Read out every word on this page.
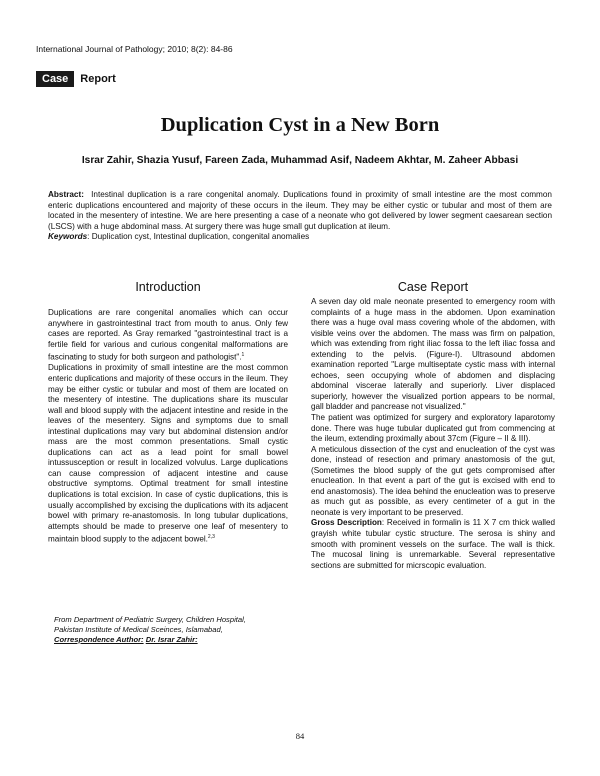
International Journal of Pathology; 2010; 8(2): 84-86
Case	Report
Duplication Cyst in a New Born
Israr Zahir, Shazia Yusuf, Fareen Zada, Muhammad Asif, Nadeem Akhtar, M. Zaheer Abbasi
Abstract: Intestinal duplication is a rare congenital anomaly. Duplications found in proximity of small intestine are the most common enteric duplications encountered and majority of these occurs in the ileum. They may be either cystic or tubular and most of them are located in the mesentery of intestine. We are here presenting a case of a neonate who got delivered by lower segment caesarean section (LSCS) with a huge abdominal mass. At surgery there was huge small gut duplication at ileum.
Keywords: Duplication cyst, Intestinal duplication, congenital anomalies
Introduction

Duplications are rare congenital anomalies which can occur anywhere in gastrointestinal tract from mouth to anus. Only few cases are reported. As Gray remarked "gastrointestinal tract is a fertile field for various and curious congenital malformations are fascinating to study for both surgeon and pathologist".$^1$

Duplications in proximity of small intestine are the most common enteric duplications and majority of these occurs in the ileum. They may be either cystic or tubular and most of them are located on the mesentery of intestine. The duplications share its muscular wall and blood supply with the adjacent intestine and reside in the leaves of the mesentery. Signs and symptoms due to small intestinal duplications may vary but abdominal distension and/or mass are the most common presentations. Small cystic duplications can act as a lead point for small bowel intussusception or result in localized volvulus. Large duplications can cause compression of adjacent intestine and cause obstructive symptoms. Optimal treatment for small intestine duplications is total excision. In case of cystic duplications, this is usually accomplished by excising the duplications with its adjacent bowel with primary re-anastomosis. In long tubular duplications, attempts should be made to preserve one leaf of mesentery to maintain blood supply to the adjacent bowel.$^{2,3}$

Case Report

A seven day old male neonate presented to emergency room with complaints of a huge mass in the abdomen. Upon examination there was a huge oval mass covering whole of the abdomen, with visible veins over the abdomen. The mass was firm on palpation, which was extending from right iliac fossa to the left iliac fossa and extending to the pelvis. (Figure-I). Ultrasound abdomen examination reported "Large multiseptate cystic mass with internal echoes, seen occupying whole of abdomen and displacing abdominal viscerae laterally and superiorly. Liver displaced superiorly, however the visualized portion appears to be normal, gall bladder and pancrease not visualized."

The patient was optimized for surgery and exploratory laparotomy done. There was huge tubular duplicated gut from commencing at the ileum, extending proximally about 37cm (Figure – II & III).

A meticulous dissection of the cyst and enucleation of the cyst was done, instead of resection and primary anastomosis of the gut, (Sometimes the blood supply of the gut gets compromised after enucleation. In that event a part of the gut is excised with end to end anastomosis). The idea behind the enucleation was to preserve as much gut as possible, as every centimeter of a gut in the neonate is very important to be preserved.

Gross Description: Received in formalin is 11 X 7 cm thick walled grayish white tubular cystic structure. The serosa is shiny and smooth with prominent vessels on the surface. The wall is thick. The mucosal lining is unremarkable. Several representative sections are submitted for micrscopic evaluation.

From Department of Pediatric Surgery, Children Hospital, Pakistan Institute of Medical Sceinces, Islamabad, Correspondence Author: Dr. Israr Zahir:
84
